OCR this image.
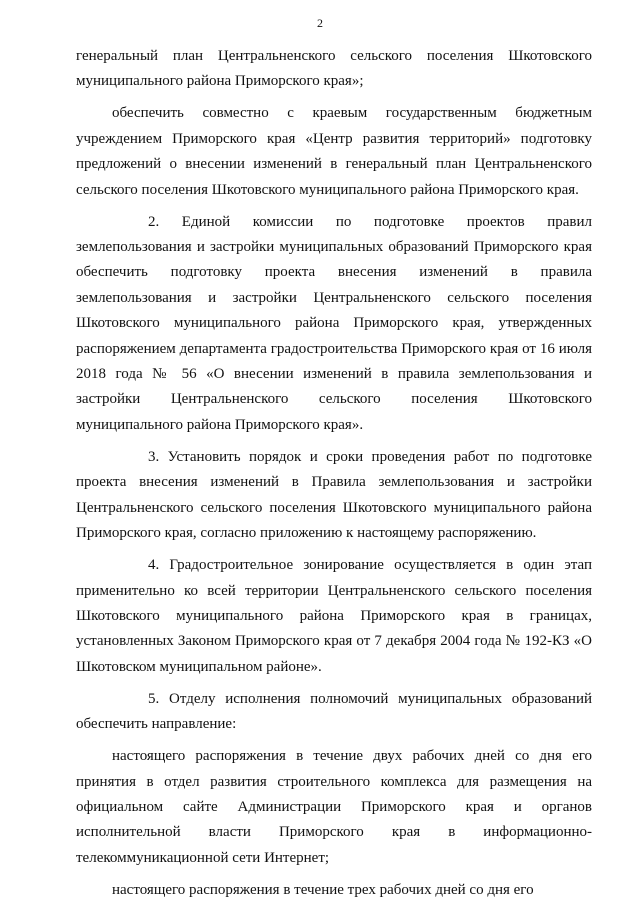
2

генеральный план Центральненского сельского поселения Шкотовского муниципального района Приморского края»;

обеспечить совместно с краевым государственным бюджетным учреждением Приморского края «Центр развития территорий» подготовку предложений о внесении изменений в генеральный план Центральненского сельского поселения Шкотовского муниципального района Приморского края.

2. Единой комиссии по подготовке проектов правил землепользования и застройки муниципальных образований Приморского края обеспечить подготовку проекта внесения изменений в правила землепользования и застройки Центральненского сельского поселения Шкотовского муниципального района Приморского края, утвержденных распоряжением департамента градостроительства Приморского края от 16 июля 2018 года № 56 «О внесении изменений в правила землепользования и застройки Центральненского сельского поселения Шкотовского муниципального района Приморского края».

3. Установить порядок и сроки проведения работ по подготовке проекта внесения изменений в Правила землепользования и застройки Центральненского сельского поселения Шкотовского муниципального района Приморского края, согласно приложению к настоящему распоряжению.

4. Градостроительное зонирование осуществляется в один этап применительно ко всей территории Центральненского сельского поселения Шкотовского муниципального района Приморского края в границах, установленных Законом Приморского края от 7 декабря 2004 года № 192-КЗ «О Шкотовском муниципальном районе».

5. Отделу исполнения полномочий муниципальных образований обеспечить направление:

настоящего распоряжения в течение двух рабочих дней со дня его принятия в отдел развития строительного комплекса для размещения на официальном сайте Администрации Приморского края и органов исполнительной власти Приморского края в информационно-телекоммуникационной сети Интернет;

настоящего распоряжения в течение трех рабочих дней со дня его
